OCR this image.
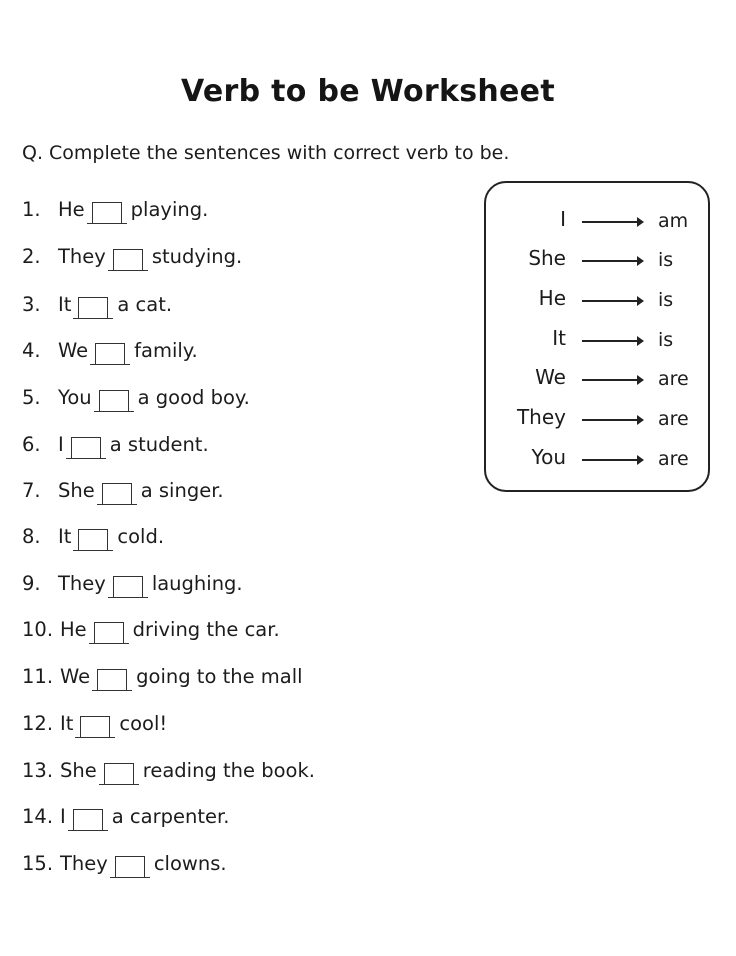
Verb to be Worksheet
Q. Complete the sentences with correct verb to be.
1. He playing.
2. They studying.
3. It a cat.
4. We family.
5. You a good boy.
6. I a student.
7. She a singer.
8. It cold.
9. They laughing.
10. He driving the car.
11. We going to the mall
12. It cool!
13. She reading the book.
14. I a carpenter.
15. They clowns.
I	am
She	is
He	is
It	is
We	are
They	are
You	are
